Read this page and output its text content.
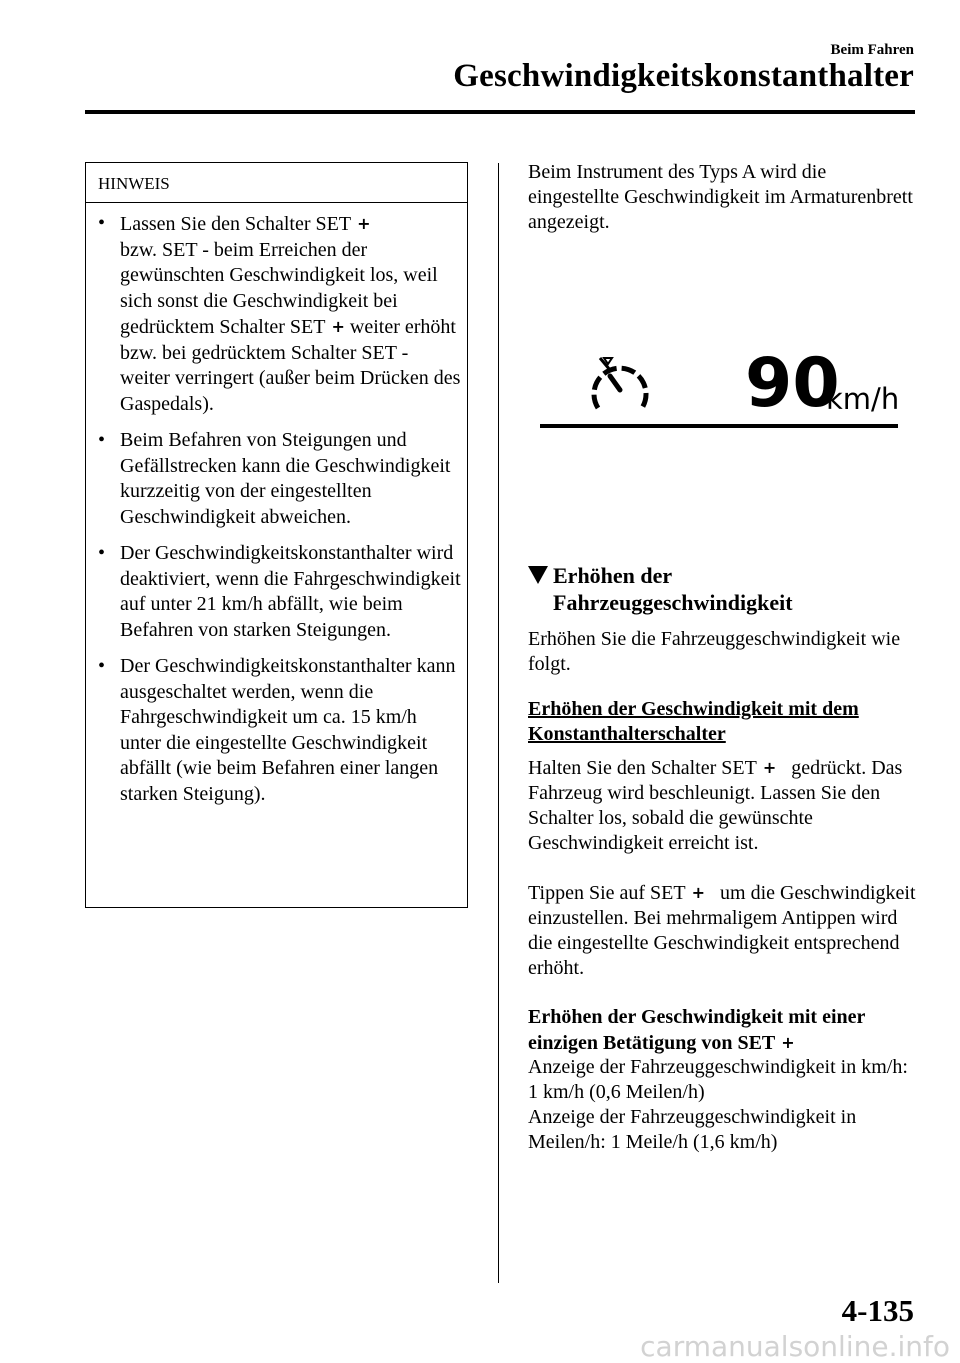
Beim Fahren
Geschwindigkeitskonstanthalter
HINWEIS
• Lassen Sie den Schalter SET +
bzw. SET - beim Erreichen der gewünschten Geschwindigkeit los, weil sich sonst die Geschwindigkeit bei gedrücktem Schalter SET + weiter erhöht bzw. bei gedrücktem Schalter SET - weiter verringert (außer beim Drücken des Gaspedals).
• Beim Befahren von Steigungen und Gefällstrecken kann die Geschwindigkeit kurzzeitig von der eingestellten Geschwindigkeit abweichen.
• Der Geschwindigkeitskonstanthalter wird deaktiviert, wenn die Fahrgeschwindigkeit auf unter 21 km/h abfällt, wie beim Befahren von starken Steigungen.
• Der Geschwindigkeitskonstanthalter kann ausgeschaltet werden, wenn die Fahrgeschwindigkeit um ca. 15 km/h unter die eingestellte Geschwindigkeit abfällt (wie beim Befahren einer langen starken Steigung).

Beim Instrument des Typs A wird die eingestellte Geschwindigkeit im Armaturenbrett angezeigt.

90
km/h
Erhöhen der
Fahrzeuggeschwindigkeit

Erhöhen Sie die Fahrzeuggeschwindigkeit wie folgt.

Erhöhen der Geschwindigkeit mit dem Konstanthalterschalter

Halten Sie den Schalter SET + gedrückt. Das Fahrzeug wird beschleunigt. Lassen Sie den Schalter los, sobald die gewünschte Geschwindigkeit erreicht ist.

Tippen Sie auf SET + um die Geschwindigkeit einzustellen. Bei mehrmaligem Antippen wird die eingestellte Geschwindigkeit entsprechend erhöht.

Erhöhen der Geschwindigkeit mit einer einzigen Betätigung von SET +

Anzeige der Fahrzeuggeschwindigkeit in km/h: 1 km/h (0,6 Meilen/h)
Anzeige der Fahrzeuggeschwindigkeit in Meilen/h: 1 Meile/h (1,6 km/h)

4-135
carmanualsonline.info
